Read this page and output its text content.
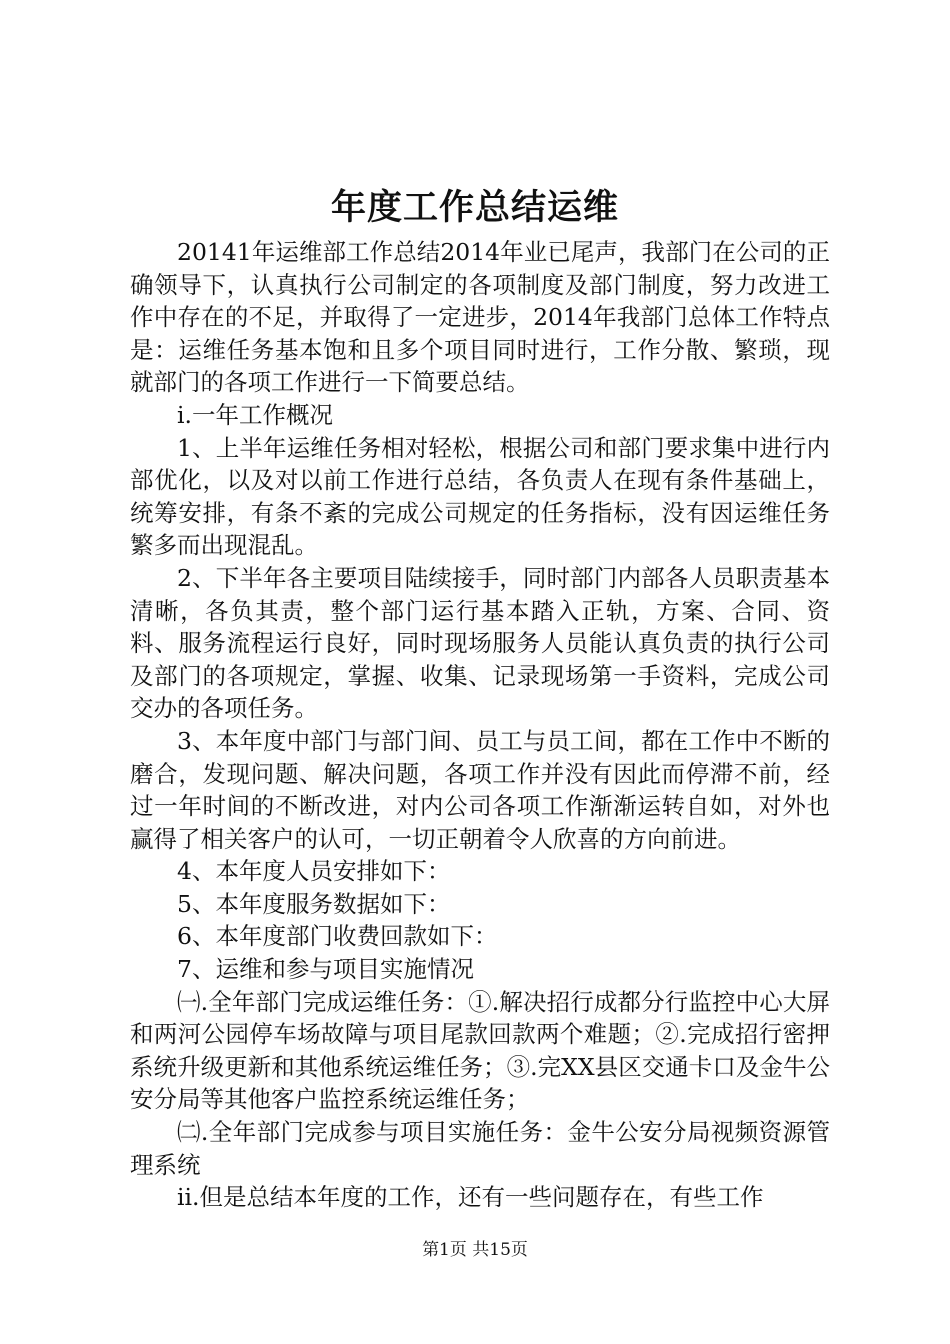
年度工作总结运维

20141年运维部工作总结2014年业已尾声，我部门在公司的正确领导下，认真执行公司制定的各项制度及部门制度，努力改进工作中存在的不足，并取得了一定进步，2014年我部门总体工作特点是：运维任务基本饱和且多个项目同时进行，工作分散、繁琐，现就部门的各项工作进行一下简要总结。

ⅰ.一年工作概况

1、上半年运维任务相对轻松，根据公司和部门要求集中进行内部优化，以及对以前工作进行总结，各负责人在现有条件基础上，统筹安排，有条不紊的完成公司规定的任务指标，没有因运维任务繁多而出现混乱。

2、下半年各主要项目陆续接手，同时部门内部各人员职责基本清晰，各负其责，整个部门运行基本踏入正轨，方案、合同、资料、服务流程运行良好，同时现场服务人员能认真负责的执行公司及部门的各项规定，掌握、收集、记录现场第一手资料，完成公司交办的各项任务。

3、本年度中部门与部门间、员工与员工间，都在工作中不断的磨合，发现问题、解决问题，各项工作并没有因此而停滞不前，经过一年时间的不断改进，对内公司各项工作渐渐运转自如，对外也赢得了相关客户的认可，一切正朝着令人欣喜的方向前进。

4、本年度人员安排如下：

5、本年度服务数据如下：

6、本年度部门收费回款如下：

7、运维和参与项目实施情况

㈠.全年部门完成运维任务：①.解决招行成都分行监控中心大屏和两河公园停车场故障与项目尾款回款两个难题；②.完成招行密押系统升级更新和其他系统运维任务；③.完XX县区交通卡口及金牛公安分局等其他客户监控系统运维任务；

㈡.全年部门完成参与项目实施任务：金牛公安分局视频资源管理系统

ⅱ.但是总结本年度的工作，还有一些问题存在，有些工作

第1页 共15页
